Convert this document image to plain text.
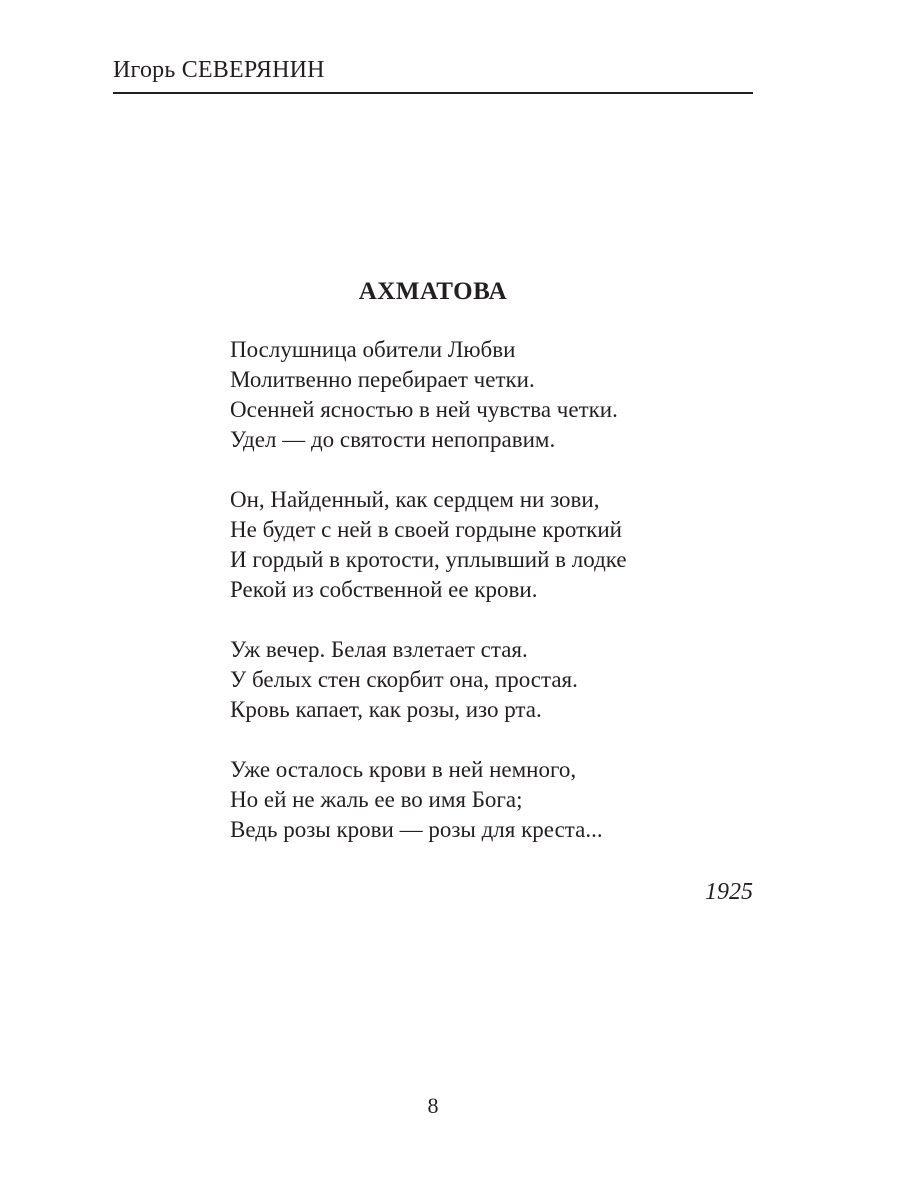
Игорь СЕВЕРЯНИН
АХМАТОВА
Послушница обители Любви
Молитвенно перебирает четки.
Осенней ясностью в ней чувства четки.
Удел — до святости непоправим.
Он, Найденный, как сердцем ни зови,
Не будет с ней в своей гордыне кроткий
И гордый в кротости, уплывший в лодке
Рекой из собственной ее крови.
Уж вечер. Белая взлетает стая.
У белых стен скорбит она, простая.
Кровь капает, как розы, изо рта.
Уже осталось крови в ней немного,
Но ей не жаль ее во имя Бога;
Ведь розы крови — розы для креста...
1925
8
